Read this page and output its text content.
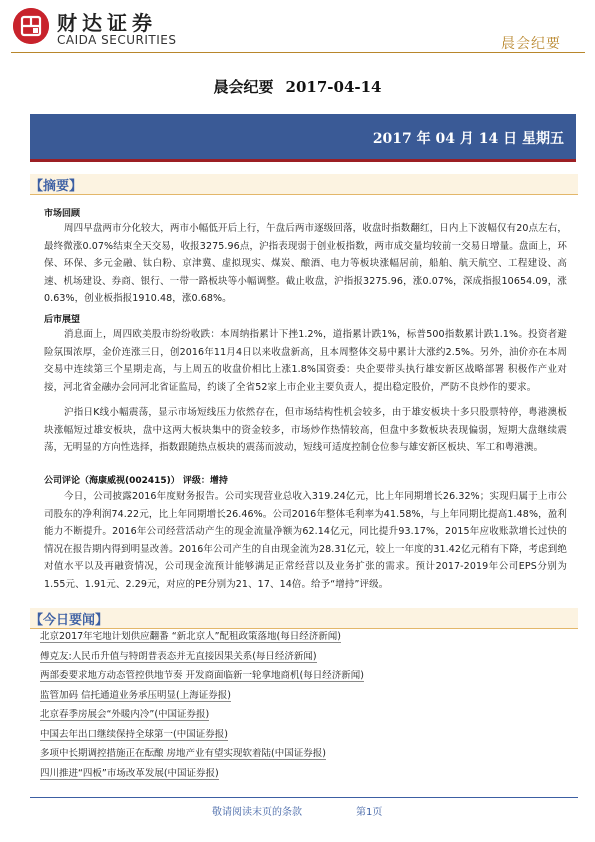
财达证券
CAIDA SECURITIES	晨会纪要
晨会纪要 2017-04-14
2017 年 04 月 14 日 星期五
【摘要】
市场回顾
周四早盘两市分化较大，两市小幅低开后上行，午盘后两市逐级回落，收盘时指数翻红，日内上下波幅仅有20点左右，最终微涨0.07%结束全天交易，收报3275.96点，沪指表现弱于创业板指数，两市成交量均较前一交易日增量。盘面上，环保、环保、多元金融、钛白粉、京津冀、虚拟现实、煤炭、酿酒、电力等板块涨幅居前，船舶、航天航空、工程建设、高速、机场建设、券商、银行、一带一路板块等小幅调整。截止收盘，沪指报3275.96，涨0.07%，深成指报10654.09，涨0.63%，创业板指报1910.48，涨0.68%。
后市展望
消息面上，周四欧美股市纷纷收跌：本周纳指累计下挫1.2%，道指累计跌1%，标普500指数累计跌1.1%。投资者避险氛围浓厚，金价连涨三日，创2016年11月4日以来收盘新高，且本周整体交易中累计大涨约2.5%。另外，油价亦在本周交易中连续第三个星期走高，与上周五的收盘价相比上涨1.8%国资委：央企要带头执行雄安新区战略部署 积极作产业对接，河北省金融办会同河北省证监局，约谈了全省52家上市企业主要负责人，提出稳定股价，严防不良炒作的要求。
沪指日K线小幅震荡，显示市场短线压力依然存在，但市场结构性机会较多，由于雄安板块十多只股票特停，粤港澳板块涨幅短过雄安板块，盘中这两大板块集中的资金较多，市场炒作热情较高，但盘中多数板块表现偏弱，短期大盘继续震荡，无明显的方向性选择，指数跟随热点板块的震荡而波动，短线可适度控制仓位参与雄安新区板块、军工和粤港澳。
公司评论（海康威视(002415)） 评级：增持
今日，公司披露2016年度财务报告。公司实现营业总收入319.24亿元，比上年同期增长26.32%；实现归属于上市公司股东的净利润74.22元，比上年同期增长26.46%。公司2016年整体毛利率为41.58%，与上年同期比提高1.48%，盈利能力不断提升。2016年公司经营活动产生的现金流量净额为62.14亿元，同比提升93.17%，2015年应收账款增长过快的情况在报告期内得到明显改善。2016年公司产生的自由现金流为28.31亿元，较上一年度的31.42亿元稍有下降，考虑到绝对值水平以及再融资情况，公司现金流预计能够满足正常经营以及业务扩张的需求。预计2017-2019年公司EPS分别为1.55元、1.91元、2.29元，对应的PE分别为21、17、14倍。给予“增持”评级。
【今日要闻】
北京2017年宅地计划供应翻番 “新北京人”配租政策落地(每日经济新闻)
傅克友:人民币升值与特朗普表态并无直接因果关系(每日经济新闻)
两部委要求地方动态管控供地节奏 开发商面临新一轮拿地商机(每日经济新闻)
监管加码 信托通道业务承压明显(上海证券报)
北京春季房展会“外暖内冷”(中国证券报)
中国去年出口继续保持全球第一(中国证券报)
多项中长期调控措施正在酝酿 房地产业有望实现软着陆(中国证券报)
四川推进“四板”市场改革发展(中国证券报)
敬请阅读末页的条款	第1页
